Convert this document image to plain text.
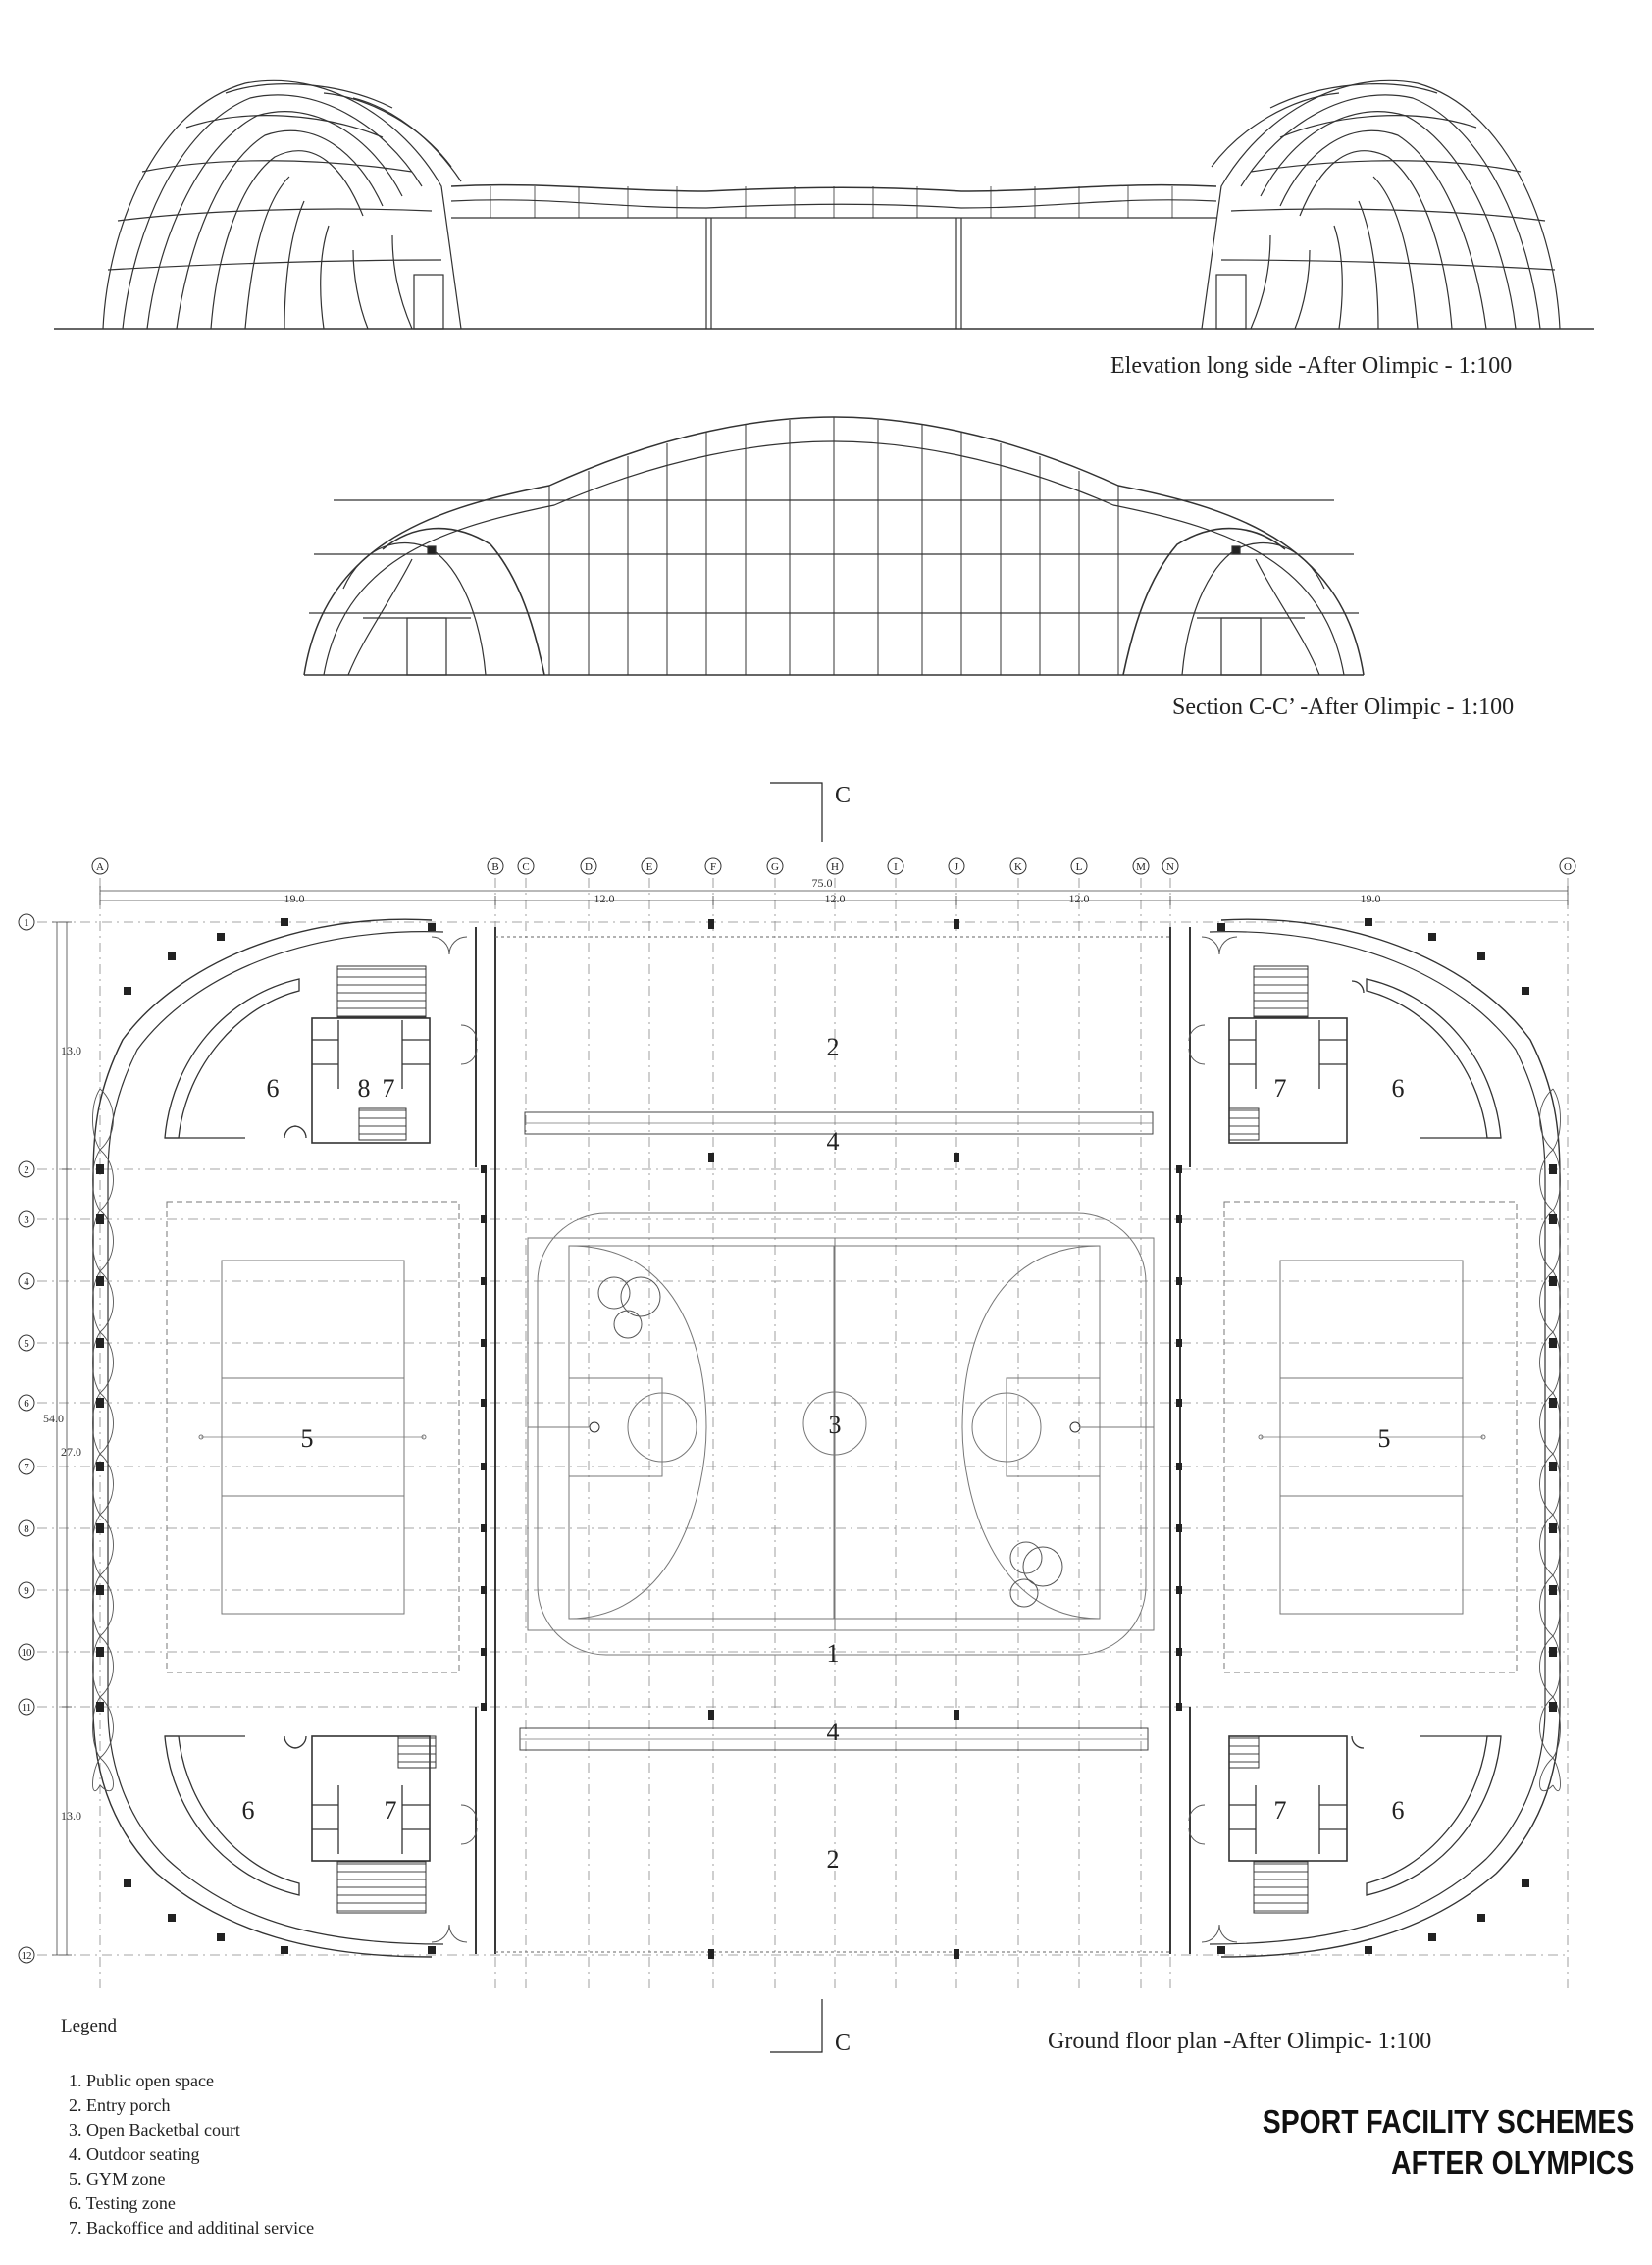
C
C
A	B C	D	E	F	G	H	I	J	K	L	M N	O
1
2
3
4
5
6
7
8
9
10
11
12
75.0
19.0	12.0	12.0	12.0	19.0
54.0
27.0
13.0
13.0
2
4
3
1
4
2
5	5
6	8 7	7	6
6	7	7	6
Elevation long side -After Olimpic - 1:100
Section C-C’ -After Olimpic - 1:100
Ground floor plan -After Olimpic- 1:100
Legend
1. Public open space
2. Entry porch
3. Open Backetbal court
4. Outdoor seating
5. GYM zone
6. Testing zone
7. Backoffice and additinal service
SPORT FACILITY SCHEMES
AFTER OLYMPICS
